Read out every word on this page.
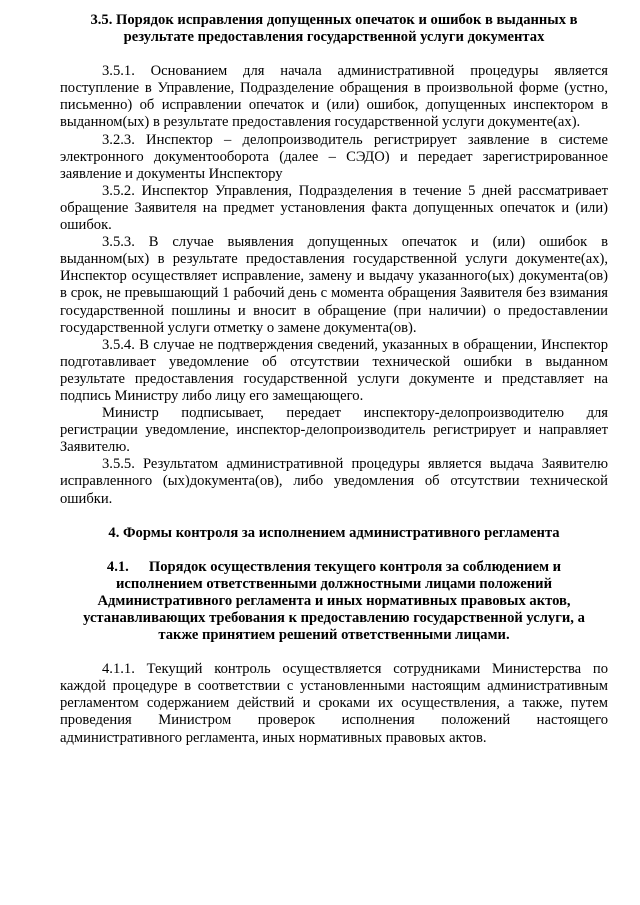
3.5. Порядок исправления допущенных опечаток и ошибок в выданных в результате предоставления государственной услуги документах

3.5.1. Основанием для начала административной процедуры является поступление в Управление, Подразделение обращения в произвольной форме (устно, письменно) об исправлении опечаток и (или) ошибок, допущенных инспектором в выданном(ых) в результате предоставления государственной услуги документе(ах).

3.2.3. Инспектор – делопроизводитель регистрирует заявление в системе электронного документооборота (далее – СЭДО) и передает зарегистрированное заявление и документы Инспектору

3.5.2. Инспектор Управления, Подразделения в течение 5 дней рассматривает обращение Заявителя на предмет установления факта допущенных опечаток и (или) ошибок.

3.5.3. В случае выявления допущенных опечаток и (или) ошибок в выданном(ых) в результате предоставления государственной услуги документе(ах), Инспектор осуществляет исправление, замену и выдачу указанного(ых) документа(ов) в срок, не превышающий 1 рабочий день с момента обращения Заявителя без взимания государственной пошлины и вносит в обращение (при наличии) о предоставлении государственной услуги отметку о замене документа(ов).

3.5.4. В случае не подтверждения сведений, указанных в обращении, Инспектор подготавливает уведомление об отсутствии технической ошибки в выданном результате предоставления государственной услуги документе и представляет на подпись Министру либо лицу его замещающего.

Министр подписывает, передает инспектору-делопроизводителю для регистрации уведомление, инспектор-делопроизводитель регистрирует и направляет Заявителю.

3.5.5. Результатом административной процедуры является выдача Заявителю исправленного (ых)документа(ов), либо уведомления об отсутствии технической ошибки.

4. Формы контроля за исполнением административного регламента

4.1. Порядок осуществления текущего контроля за соблюдением и исполнением ответственными должностными лицами положений Административного регламента и иных нормативных правовых актов, устанавливающих требования к предоставлению государственной услуги, а также принятием решений ответственными лицами.

4.1.1. Текущий контроль осуществляется сотрудниками Министерства по каждой процедуре в соответствии с установленными настоящим административным регламентом содержанием действий и сроками их осуществления, а также, путем проведения Министром проверок исполнения положений настоящего административного регламента, иных нормативных правовых актов.
